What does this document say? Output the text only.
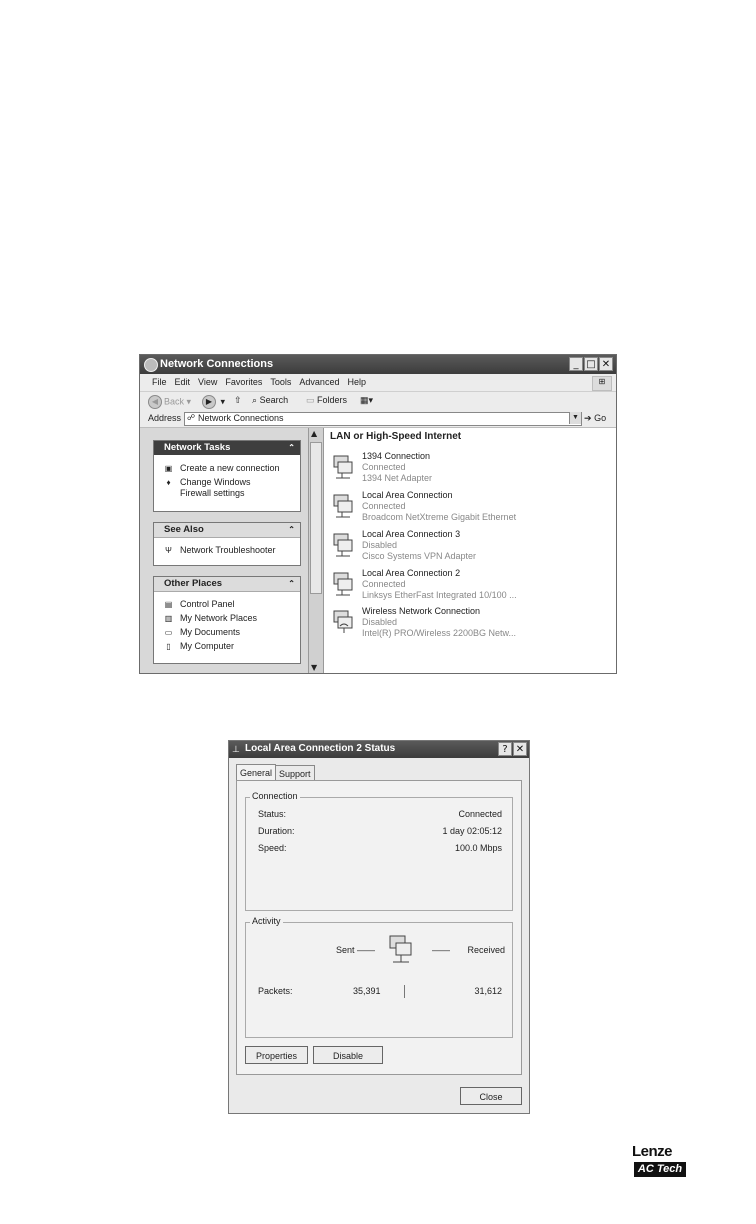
Network Connections	_ □ ✕
File Edit View Favorites Tools Advanced Help	⊞
◀ Back ▾	▶ ▾ ⇧ ⌕ Search ▭ Folders ▦▾
Address ☍ Network Connections	▼ ➔ Go
Network Tasks	⌃
▣ Create a new connection
♦ Change Windows
Firewall settings
See Also	⌃
Ψ Network Troubleshooter
Other Places	⌃
▤ Control Panel
▥ My Network Places
▭ My Documents
▯ My Computer
▲
▼
LAN or High-Speed Internet
1394 Connection
Connected
1394 Net Adapter
Local Area Connection
Connected
Broadcom NetXtreme Gigabit Ethernet
Local Area Connection 3
Disabled
Cisco Systems VPN Adapter
Local Area Connection 2
Connected
Linksys EtherFast Integrated 10/100 ...
Wireless Network Connection
Disabled
Intel(R) PRO/Wireless 2200BG Netw...
⊥ Local Area Connection 2 Status	? ✕
General Support
Connection
Status:	Connected
Duration:	1 day 02:05:12
Speed:	100.0 Mbps
Activity
Sent ——	——       Received
Packets:	35,391	31,612
Properties	Disable
Close
Lenze
AC Tech
